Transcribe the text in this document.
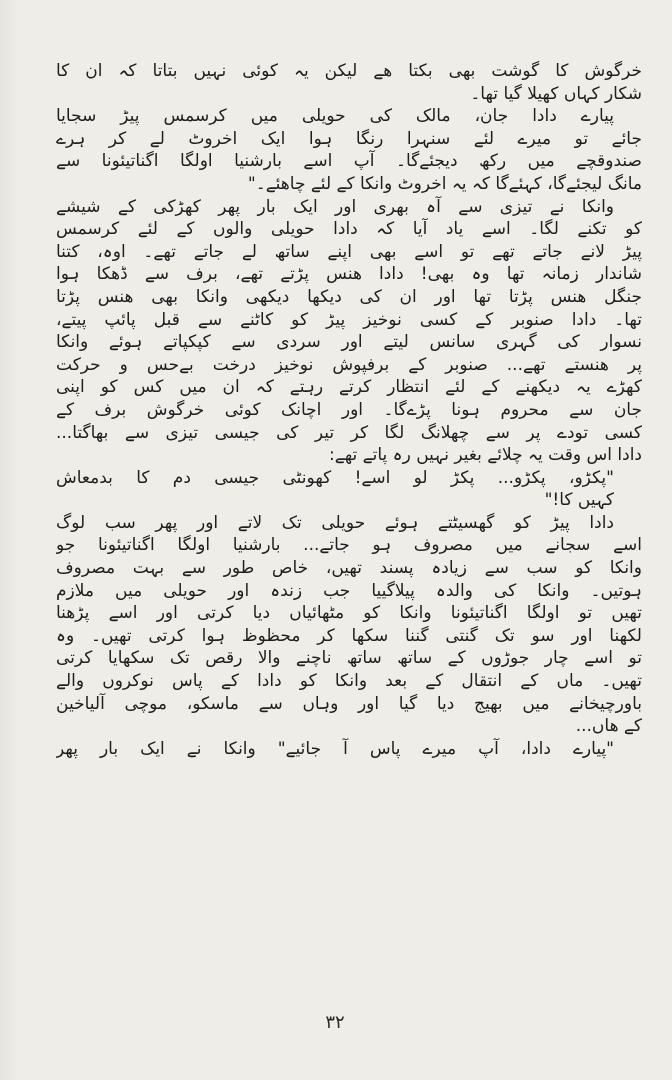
خرگوش کا گوشت بھی بکتا ھے لیکن یہ کوئی نہیں بتاتا کہ ان کا
شکار کہاں کھیلا گیا تھا۔
پیارے دادا جان، مالک کی حویلی میں کرسمس پیڑ سجایا
جائے تو میرے لئے سنہرا رنگا ہوا ایک اخروٹ لے کر ہرے
صندوقچے میں رکھ دیجئےگا۔ آپ اسے بارشنیا اولگا اگناتیئونا سے
مانگ لیجئےگا، کہئےگا کہ یہ اخروٹ وانکا کے لئے چاھئے۔"
وانکا نے تیزی سے آہ بھری اور ایک بار پھر کھڑکی کے شیشے
کو تکنے لگا۔ اسے یاد آیا کہ دادا حویلی والوں کے لئے کرسمس
پیڑ لانے جاتے تھے تو اسے بھی اپنے ساتھ لے جاتے تھے۔ اوہ، کتنا
شاندار زمانہ تھا وہ بھی! دادا ھنس پڑتے تھے، برف سے ڈھکا ہوا
جنگل ھنس پڑتا تھا اور ان کی دیکھا دیکھی وانکا بھی ھنس پڑتا
تھا۔ دادا صنوبر کے کسی نوخیز پیڑ کو کاٹنے سے قبل پائپ پیتے،
نسوار کی گہری سانس لیتے اور سردی سے کپکپاتے ہوئے وانکا
پر ھنستے تھے... صنوبر کے برفپوش نوخیز درخت بےحس و حرکت
کھڑے یہ دیکھنے کے لئے انتظار کرتے رہتے کہ ان میں کس کو اپنی
جان سے محروم ہونا پڑےگا۔ اور اچانک کوئی خرگوش برف کے
کسی تودے پر سے چھلانگ لگا کر تیر کی جیسی تیزی سے بھاگتا...
دادا اس وقت یہ چلائے بغیر نہیں رہ پاتے تھے:
"پکڑو، پکڑو... پکڑ لو اسے! کھونٹی جیسی دم کا بدمعاش
کہیں کا!"
دادا پیڑ کو گھسیٹتے ہوئے حویلی تک لاتے اور پھر سب لوگ
اسے سجانے میں مصروف ہو جاتے... بارشنیا اولگا اگناتیئونا جو
وانکا کو سب سے زیادہ پسند تھیں، خاص طور سے بہت مصروف
ہوتیں۔ وانکا کی والدہ پیلاگییا جب زندہ اور حویلی میں ملازم
تھیں تو اولگا اگناتیئونا وانکا کو مٹھائیاں دیا کرتی اور اسے پڑھنا
لکھنا اور سو تک گنتی گننا سکھا کر محظوظ ہوا کرتی تھیں۔ وہ
تو اسے چار جوڑوں کے ساتھ ساتھ ناچنے والا رقص تک سکھایا کرتی
تھیں۔ ماں کے انتقال کے بعد وانکا کو دادا کے پاس نوکروں والے
باورچیخانے میں بھیج دیا گیا اور وہاں سے ماسکو، موچی آلیاخین
کے ھاں...
"پیارے دادا، آپ میرے پاس آ جائیے" وانکا نے ایک بار پھر
۳۲
